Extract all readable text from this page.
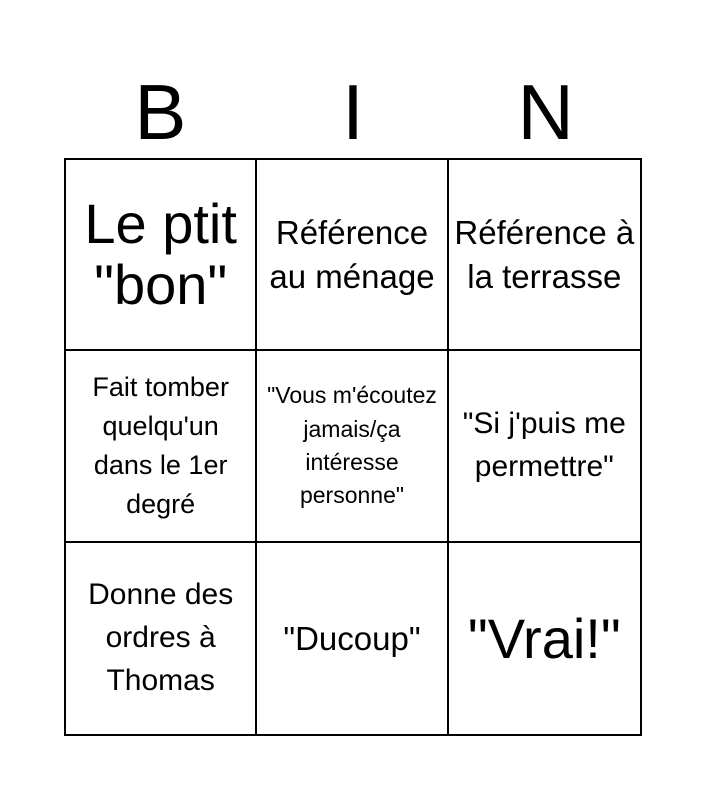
B	I	N
Le ptit "bon"
Référence au ménage
Référence à la terrasse
Fait tomber quelqu'un dans le 1er degré
"Vous m'écoutez jamais/ça intéresse personne"
"Si j'puis me permettre"
Donne des ordres à Thomas
"Ducoup" "Vrai!"
